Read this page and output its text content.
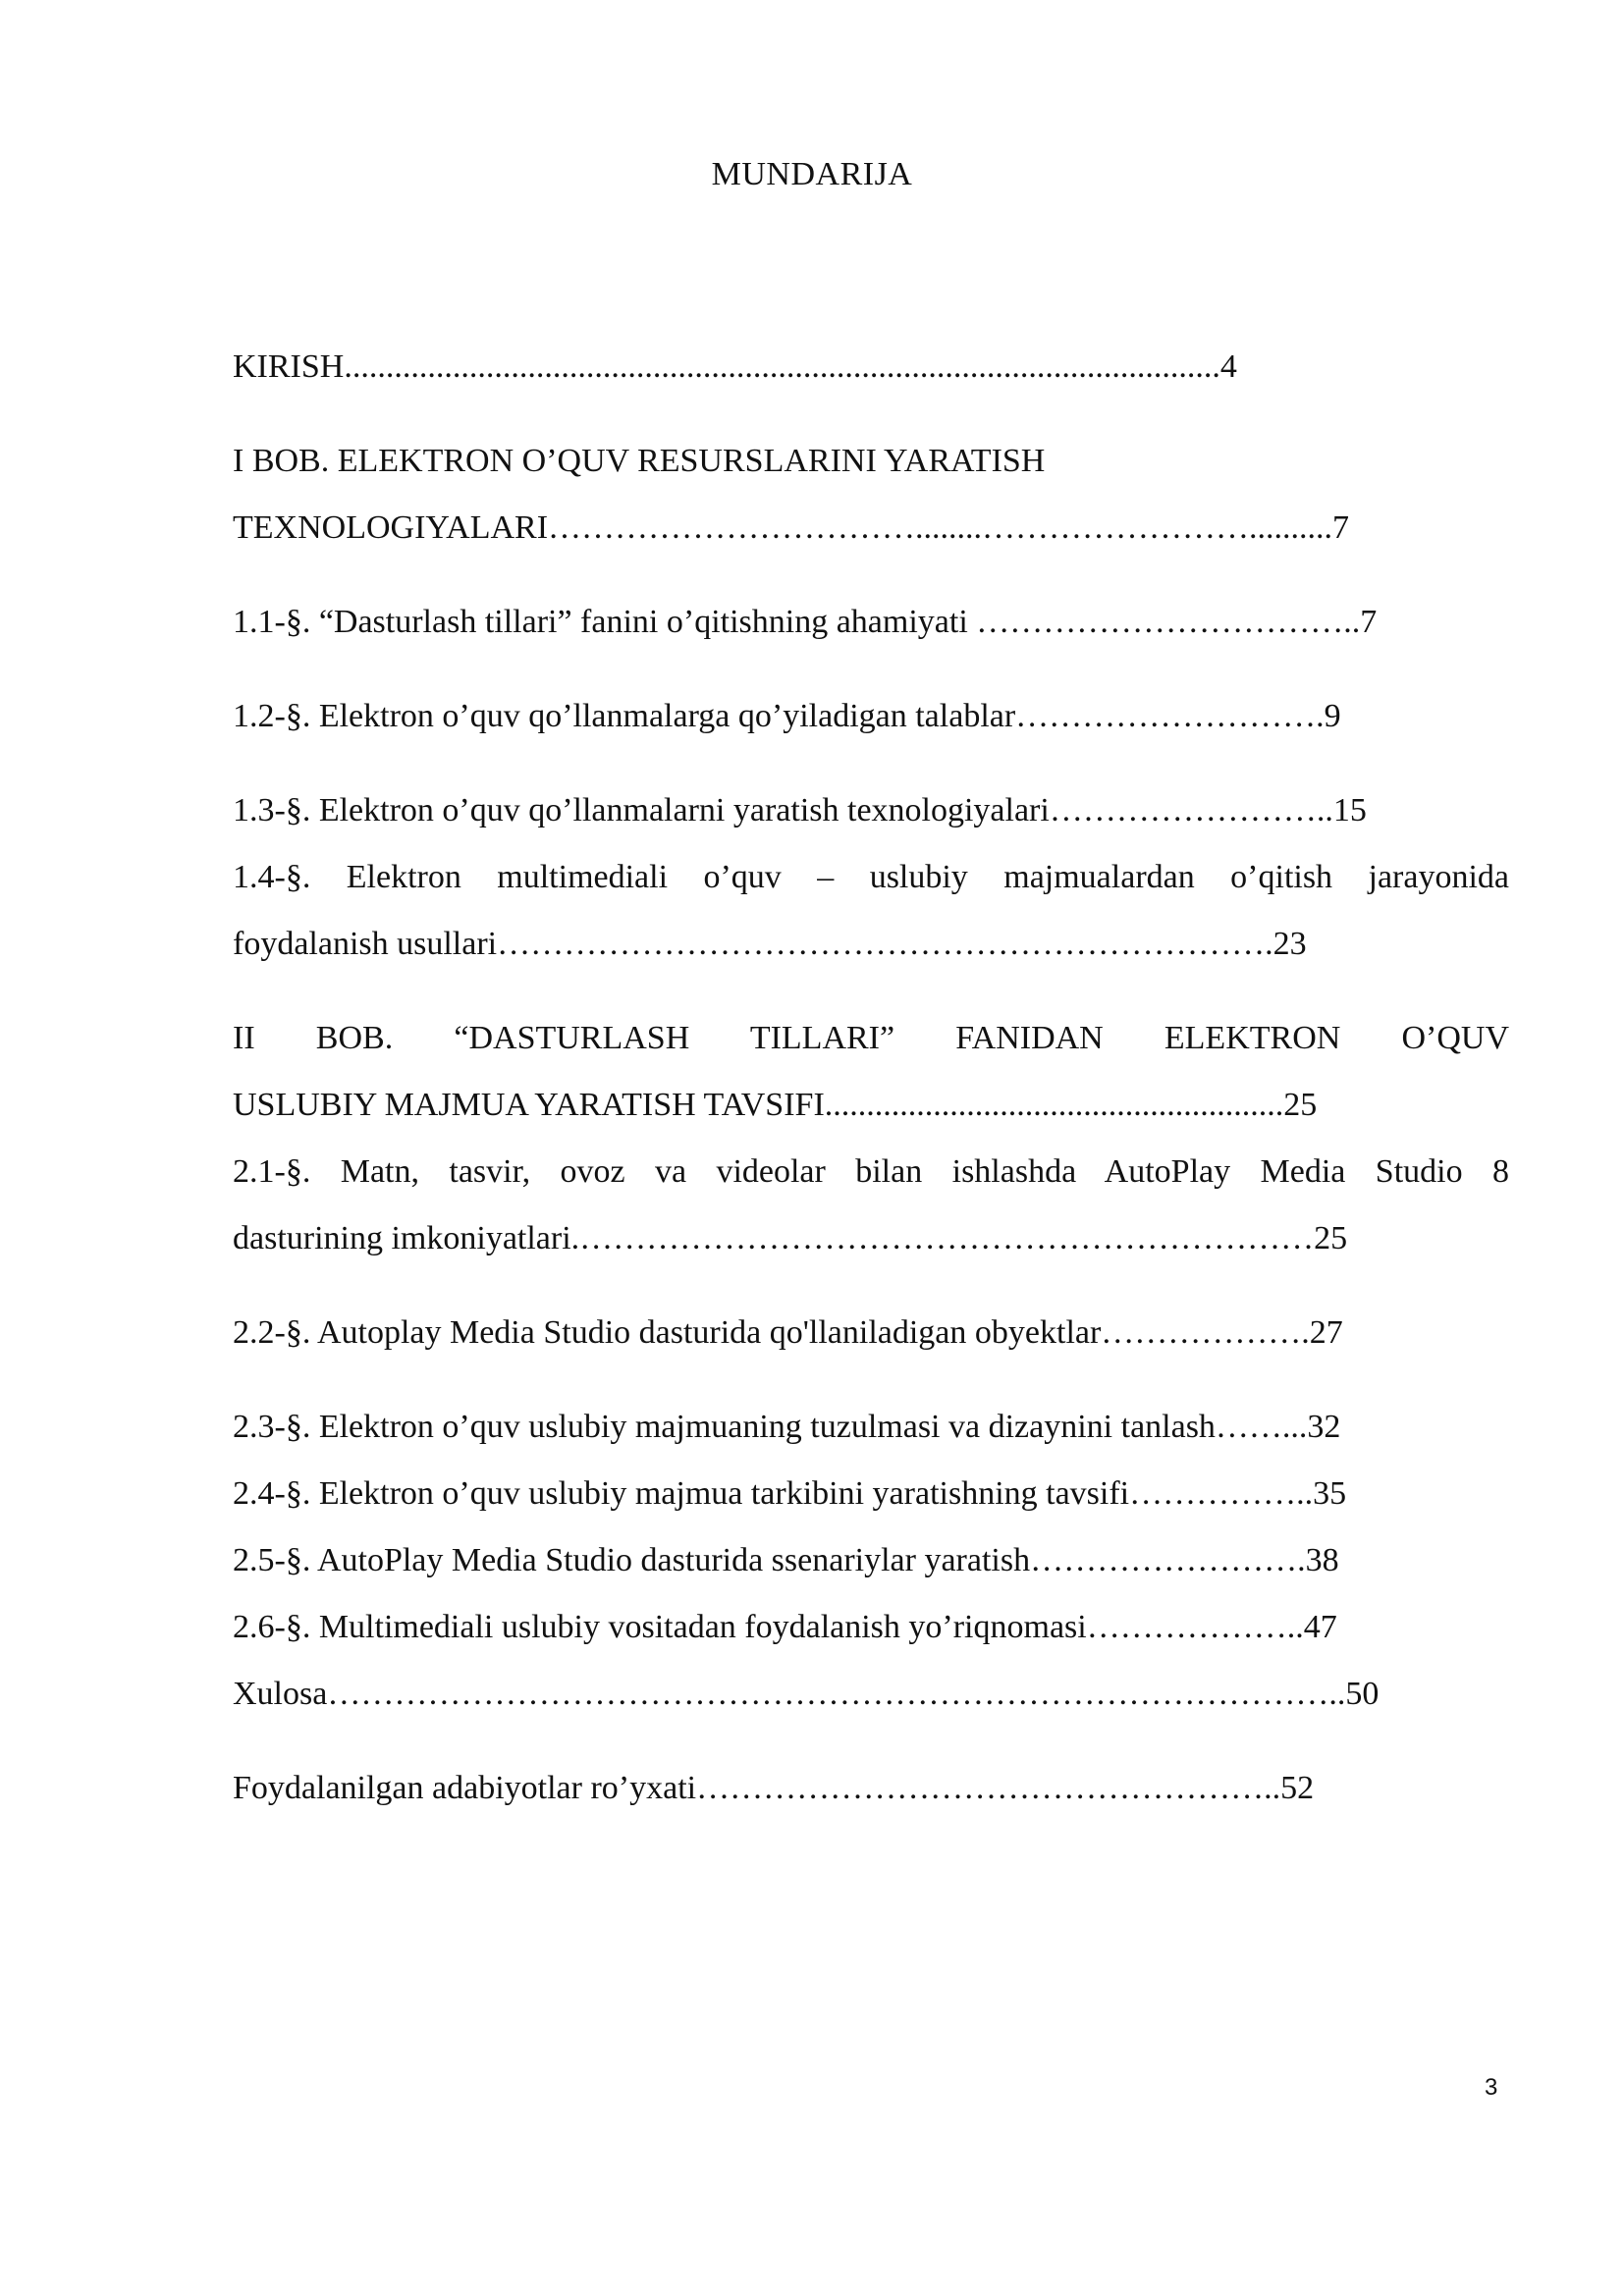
MUNDARIJA
KIRISH.........................................................................................................4
I BOB. ELEKTRON O’QUV RESURSLARINI YARATISH
TEXNOLOGIYALARI……………………………........……………………..........7
1.1-§. “Dasturlash tillari” fanini o’qitishning ahamiyati ……………………………..7
1.2-§. Elektron o’quv qo’llanmalarga qo’yiladigan talablar……………………….9
1.3-§. Elektron o’quv qo’llanmalarni yaratish texnologiyalari……………………..15
1.4-§. Elektron multimediali o’quv – uslubiy majmualardan o’qitish jarayonida
foydalanish usullari…………………………………………………………….23
II BOB. “DASTURLASH TILLARI” FANIDAN ELEKTRON O’QUV
USLUBIY MAJMUA YARATISH TAVSIFI.......................................................25
2.1-§. Matn, tasvir, ovoz va videolar bilan ishlashda AutoPlay Media Studio 8
dasturining imkoniyatlari.…………………………………………………………25
2.2-§. Autoplay Media Studio dasturida qo'llaniladigan obyektlar……………….27
2.3-§. Elektron o’quv uslubiy majmuaning tuzulmasi va dizaynini tanlash……...32
2.4-§. Elektron o’quv uslubiy majmua tarkibini yaratishning tavsifi……………..35
2.5-§. AutoPlay Media Studio dasturida ssenariylar yaratish…………………….38
2.6-§. Multimediali uslubiy vositadan foydalanish yo’riqnomasi………………..47
Xulosa………………………………………………………………………………..50
Foydalanilgan adabiyotlar ro’yxati……………………………………………..52
3
